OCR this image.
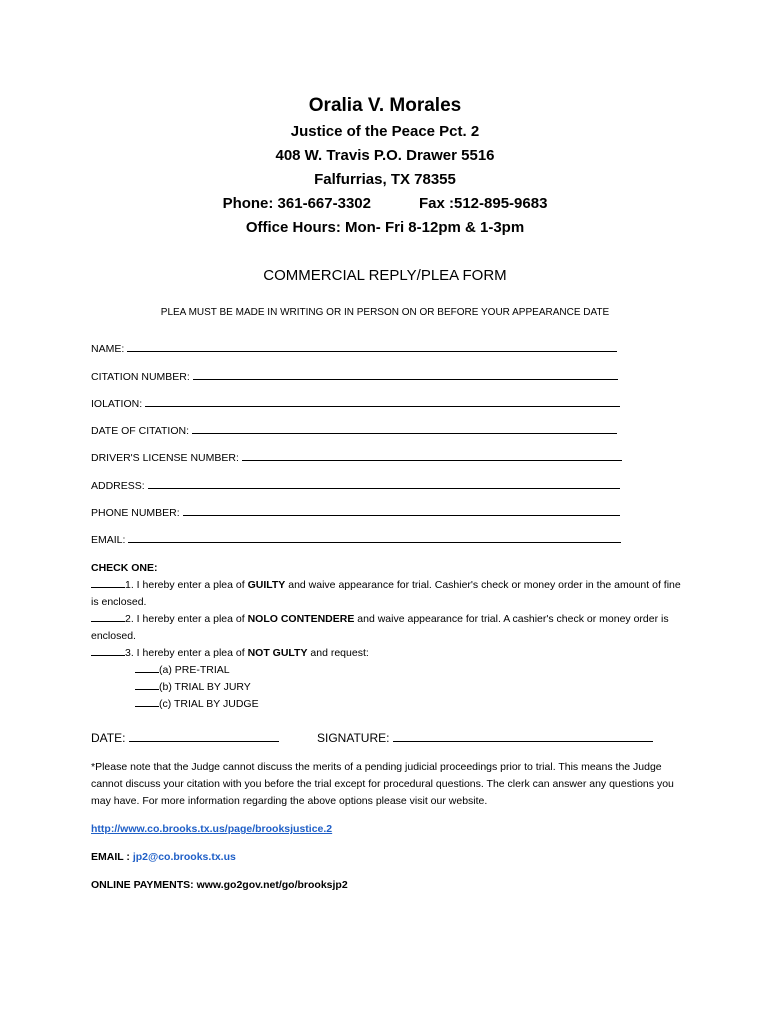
Oralia V. Morales
Justice of the Peace Pct. 2
408 W. Travis P.O. Drawer 5516
Falfurrias, TX 78355
Phone: 361-667-3302	Fax :512-895-9683
Office Hours: Mon- Fri 8-12pm & 1-3pm
COMMERCIAL REPLY/PLEA FORM
PLEA MUST BE MADE IN WRITING OR IN PERSON ON OR BEFORE YOUR APPEARANCE DATE
NAME:
CITATION NUMBER:
IOLATION:
DATE OF CITATION:
DRIVER'S LICENSE NUMBER:
ADDRESS:
PHONE NUMBER:
EMAIL:
CHECK ONE:
1. I hereby enter a plea of GUILTY and waive appearance for trial. Cashier's check or money order in the amount of fine is enclosed.
2. I hereby enter a plea of NOLO CONTENDERE and waive appearance for trial. A cashier's check or money order is enclosed.
3. I hereby enter a plea of NOT GULTY and request:
(a) PRE-TRIAL
(b) TRIAL BY JURY
(c) TRIAL BY JUDGE
DATE:	SIGNATURE:
*Please note that the Judge cannot discuss the merits of a pending judicial proceedings prior to trial. This means the Judge cannot discuss your citation with you before the trial except for procedural questions. The clerk can answer any questions you may have. For more information regarding the above options please visit our website.
http://www.co.brooks.tx.us/page/brooksjustice.2
EMAIL : jp2@co.brooks.tx.us
ONLINE PAYMENTS: www.go2gov.net/go/brooksjp2
